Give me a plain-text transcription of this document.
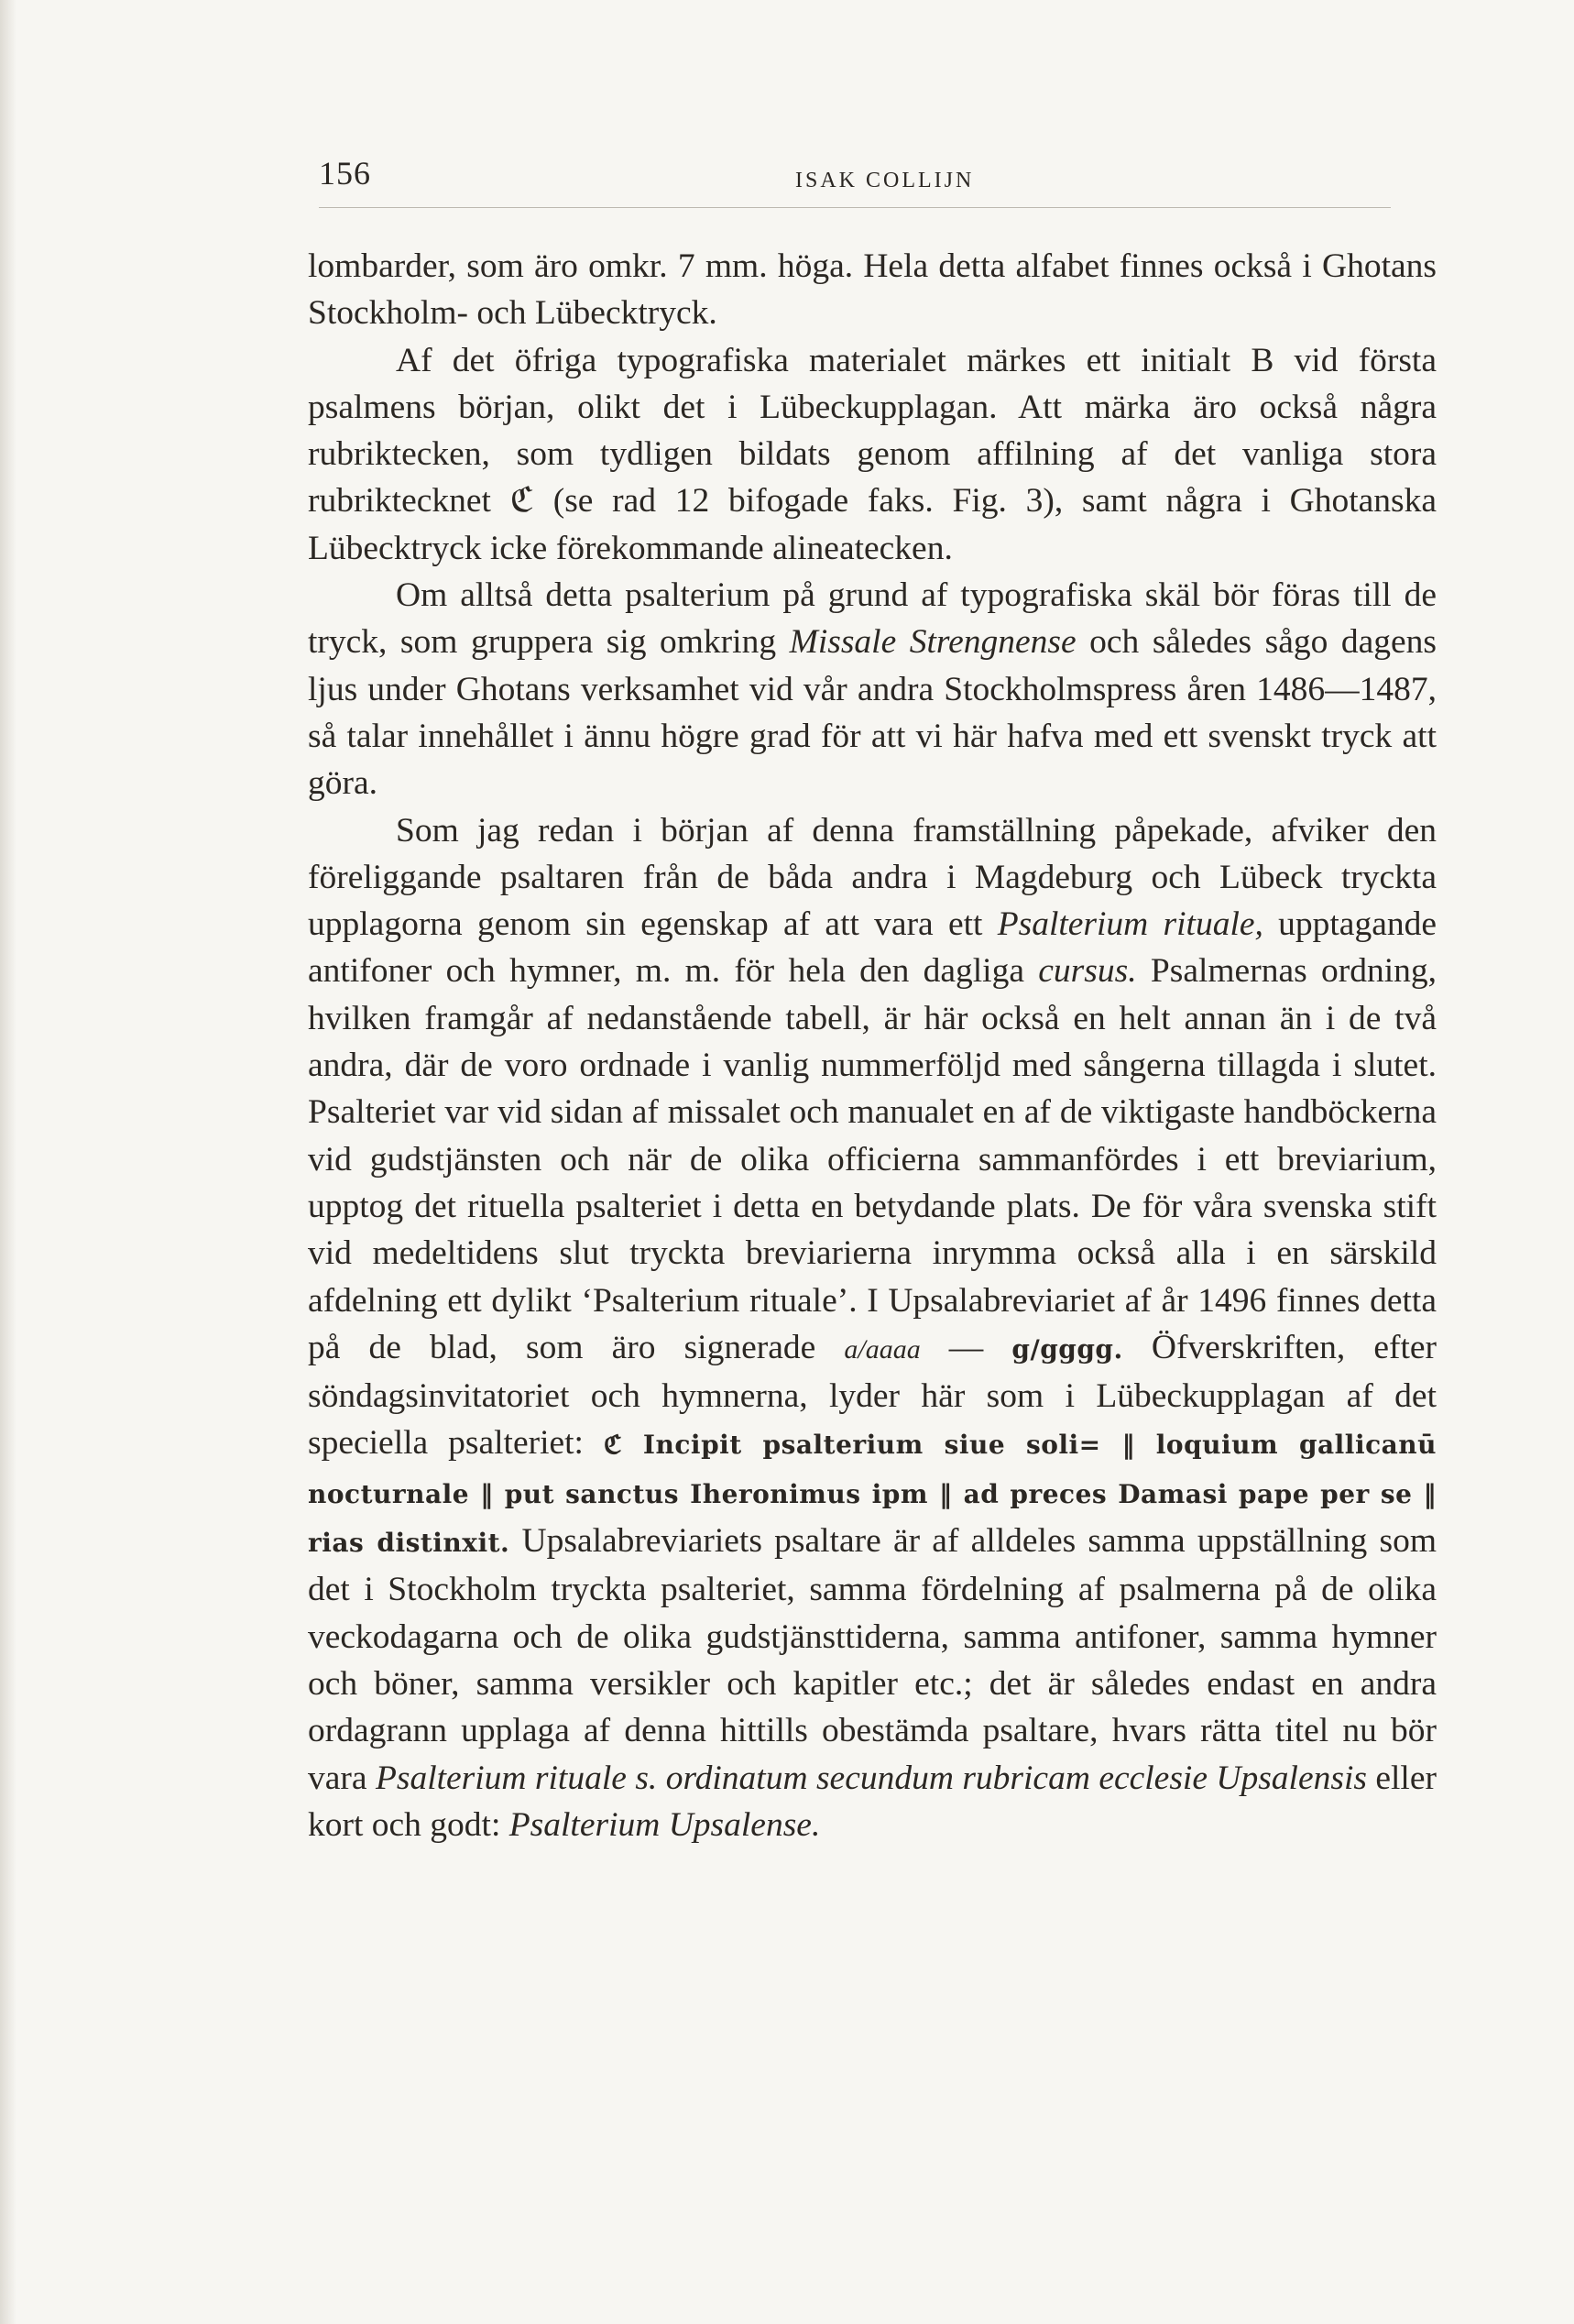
156	ISAK COLLIJN

lombarder, som äro omkr. 7 mm. höga. Hela detta alfabet finnes också i Ghotans Stockholm- och Lübecktryck.

Af det öfriga typografiska materialet märkes ett initialt B vid första psalmens början, olikt det i Lübeckupplagan. Att märka äro också några rubriktecken, som tydligen bildats genom affilning af det vanliga stora rubriktecknet ℭ (se rad 12 bifogade faks. Fig. 3), samt några i Ghotanska Lübecktryck icke förekommande alineatecken.

Om alltså detta psalterium på grund af typografiska skäl bör föras till de tryck, som gruppera sig omkring Missale Strengnense och således sågo dagens ljus under Ghotans verksamhet vid vår andra Stockholmspress åren 1486—1487, så talar innehållet i ännu högre grad för att vi här hafva med ett svenskt tryck att göra.

Som jag redan i början af denna framställning påpekade, afviker den föreliggande psaltaren från de båda andra i Magdeburg och Lübeck tryckta upplagorna genom sin egenskap af att vara ett Psalterium rituale, upptagande antifoner och hymner, m. m. för hela den dagliga cursus. Psalmernas ordning, hvilken framgår af nedanstående tabell, är här också en helt annan än i de två andra, där de voro ordnade i vanlig nummerföljd med sångerna tillagda i slutet. Psalteriet var vid sidan af missalet och manualet en af de viktigaste handböckerna vid gudstjänsten och när de olika officierna sammanfördes i ett breviarium, upptog det rituella psalteriet i detta en betydande plats. De för våra svenska stift vid medeltidens slut tryckta breviarierna inrymma också alla i en särskild afdelning ett dylikt ‘Psalterium rituale’. I Upsalabreviariet af år 1496 finnes detta på de blad, som äro signerade a/aaaa — g/gggg. Öfverskriften, efter söndagsinvitatoriet och hymnerna, lyder här som i Lübeckupplagan af det speciella psalteriet: ℭ Incipit psalterium siue soli= ‖ loquium gallicanū nocturnale ‖ put sanctus Iheronimus ipm ‖ ad preces Damasi pape per se ‖ rias distinxit. Upsalabreviariets psaltare är af alldeles samma uppställning som det i Stockholm tryckta psalteriet, samma fördelning af psalmerna på de olika veckodagarna och de olika gudstjänsttiderna, samma antifoner, samma hymner och böner, samma versikler och kapitler etc.; det är således endast en andra ordagrann upplaga af denna hittills obestämda psaltare, hvars rätta titel nu bör vara Psalterium rituale s. ordinatum secundum rubricam ecclesie Upsalensis eller kort och godt: Psalterium Upsalense.
